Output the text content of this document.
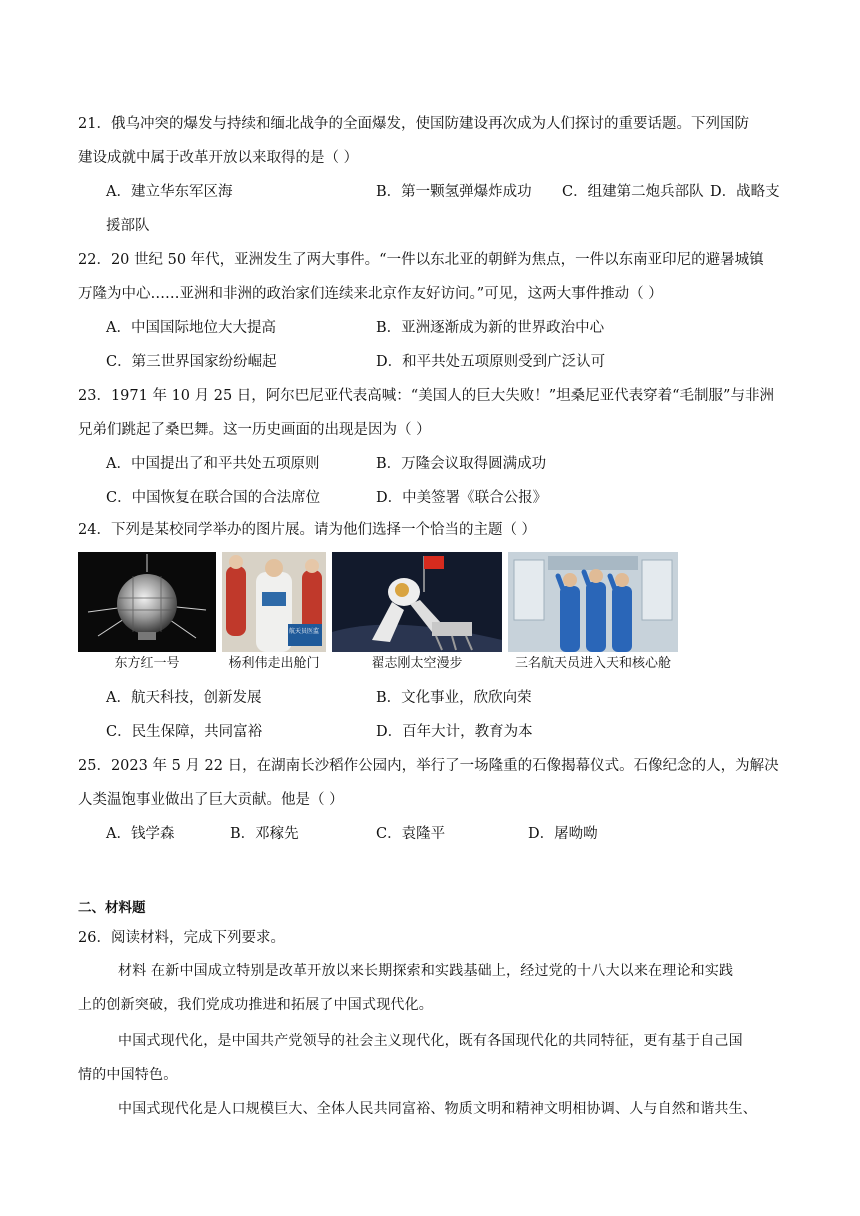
21．俄乌冲突的爆发与持续和缅北战争的全面爆发，使国防建设再次成为人们探讨的重要话题。下列国防
建设成就中属于改革开放以来取得的是（ ）
A．建立华东军区海	B．第一颗氢弹爆炸成功 C．组建第二炮兵部队 D．战略支
援部队
22．20 世纪 50 年代，亚洲发生了两大事件。“一件以东北亚的朝鲜为焦点，一件以东南亚印尼的避暑城镇
万隆为中心……亚洲和非洲的政治家们连续来北京作友好访问。”可见，这两大事件推动（ ）
A．中国国际地位大大提高	B．亚洲逐渐成为新的世界政治中心
C．第三世界国家纷纷崛起	D．和平共处五项原则受到广泛认可
23．1971 年 10 月 25 日，阿尔巴尼亚代表高喊：“美国人的巨大失败！”坦桑尼亚代表穿着“毛制服”与非洲
兄弟们跳起了桑巴舞。这一历史画面的出现是因为（ ）
A．中国提出了和平共处五项原则	B．万隆会议取得圆满成功
C．中国恢复在联合国的合法席位	D．中美签署《联合公报》
24．下列是某校同学举办的图片展。请为他们选择一个恰当的主题（ ）
东方红一号
航天员医监
杨利伟走出舱门	翟志刚太空漫步	三名航天员进入天和核心舱
A．航天科技，创新发展	B．文化事业，欣欣向荣
C．民生保障，共同富裕	D．百年大计，教育为本
25．2023 年 5 月 22 日，在湖南长沙稻作公园内，举行了一场隆重的石像揭幕仪式。石像纪念的人，为解决
人类温饱事业做出了巨大贡献。他是（ ）
A．钱学森	B．邓稼先	C．袁隆平	D．屠呦呦
二、材料题
26．阅读材料，完成下列要求。
材料 在新中国成立特别是改革开放以来长期探索和实践基础上，经过党的十八大以来在理论和实践
上的创新突破，我们党成功推进和拓展了中国式现代化。
中国式现代化，是中国共产党领导的社会主义现代化，既有各国现代化的共同特征，更有基于自己国
情的中国特色。
中国式现代化是人口规模巨大、全体人民共同富裕、物质文明和精神文明相协调、人与自然和谐共生、
